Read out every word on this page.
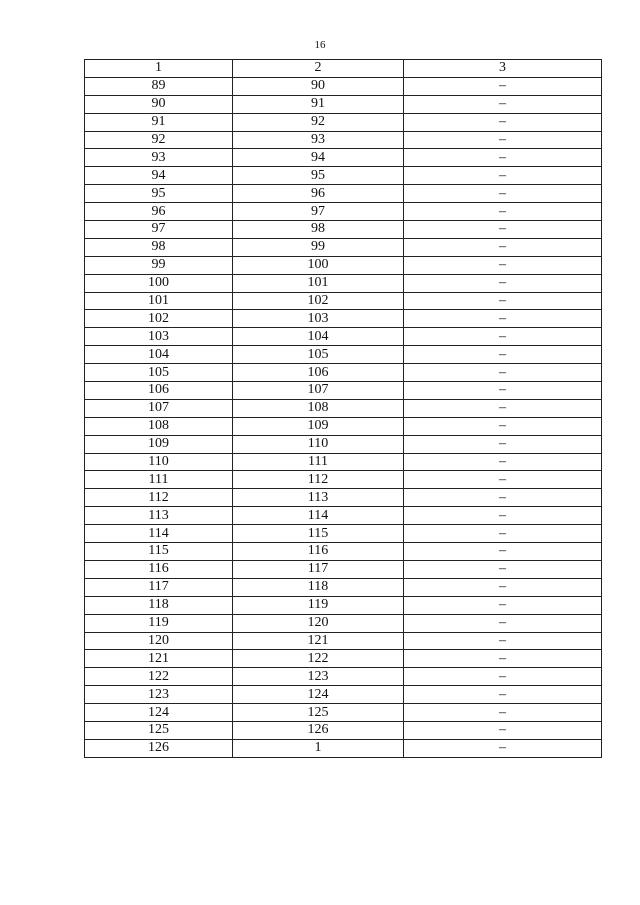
16
1	2	3
89	90	–
90	91	–
91	92	–
92	93	–
93	94	–
94	95	–
95	96	–
96	97	–
97	98	–
98	99	–
99	100	–
100	101	–
101	102	–
102	103	–
103	104	–
104	105	–
105	106	–
106	107	–
107	108	–
108	109	–
109	110	–
110	111	–
111	112	–
112	113	–
113	114	–
114	115	–
115	116	–
116	117	–
117	118	–
118	119	–
119	120	–
120	121	–
121	122	–
122	123	–
123	124	–
124	125	–
125	126	–
126	1	–
